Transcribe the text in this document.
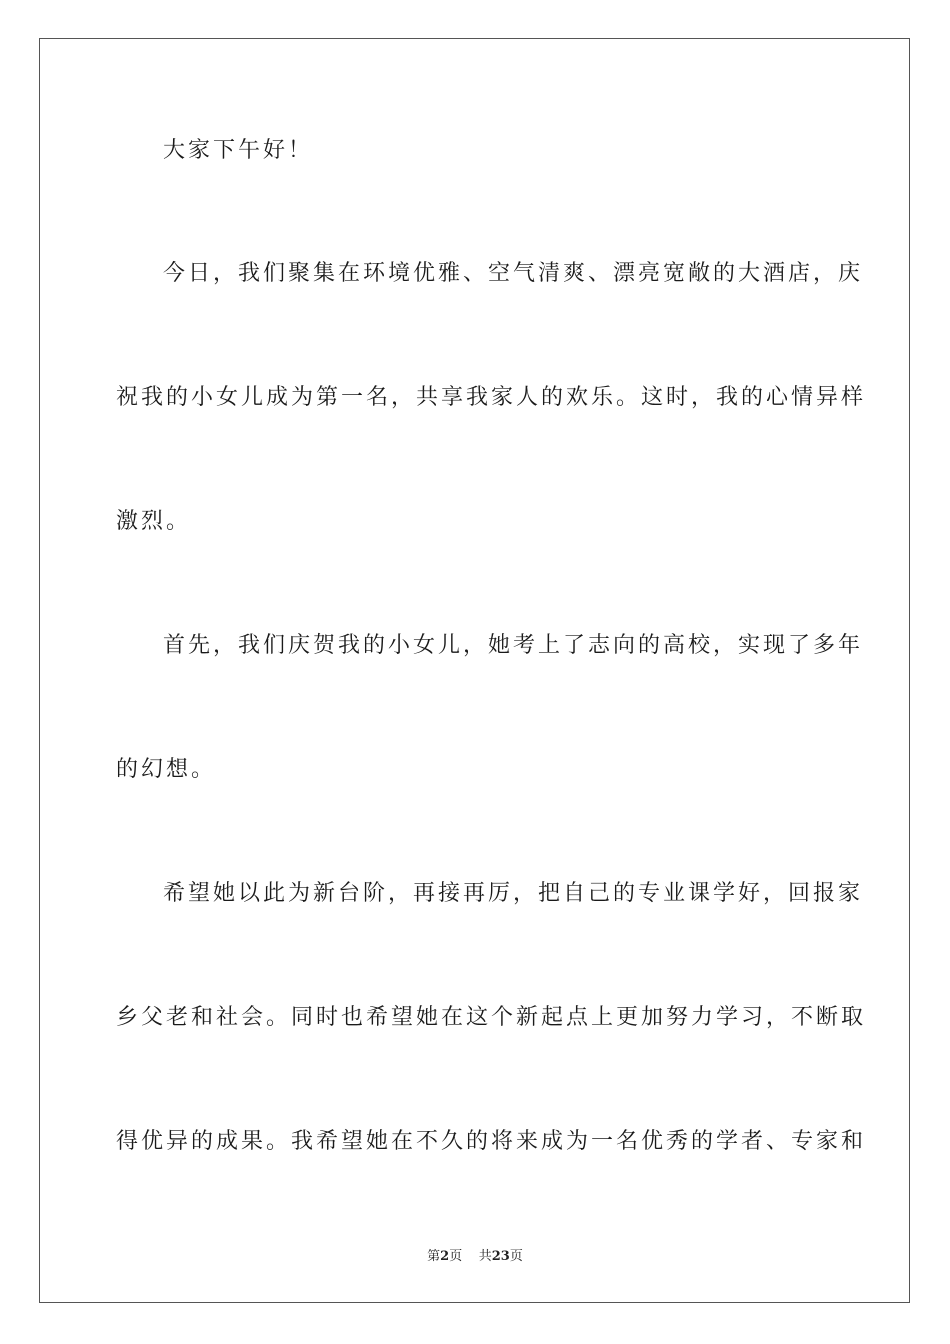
大家下午好！
今日，我们聚集在环境优雅、空气清爽、漂亮宽敞的大酒店，庆
祝我的小女儿成为第一名，共享我家人的欢乐。这时，我的心情异样
激烈。
首先，我们庆贺我的小女儿，她考上了志向的高校，实现了多年
的幻想。
希望她以此为新台阶，再接再厉，把自己的专业课学好，回报家
乡父老和社会。同时也希望她在这个新起点上更加努力学习，不断取
得优异的成果。我希望她在不久的将来成为一名优秀的学者、专家和
第2页 共23页
